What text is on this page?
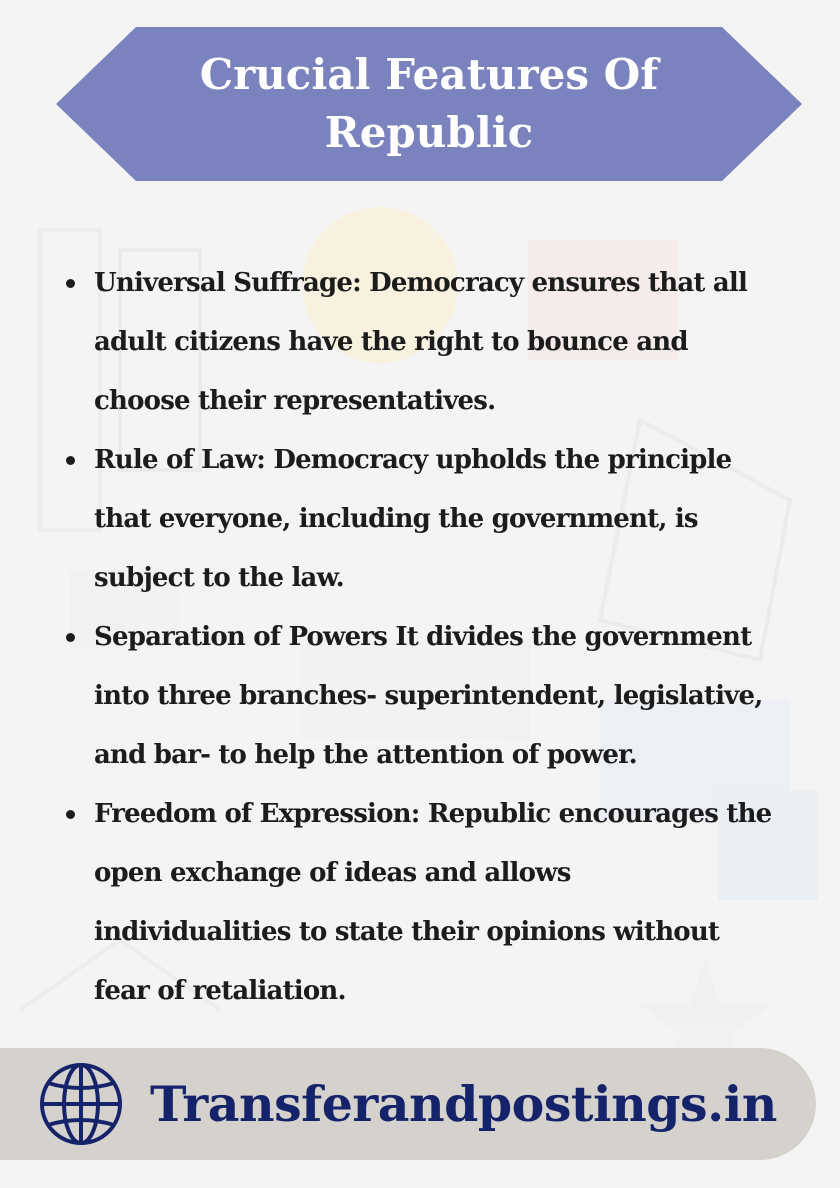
Crucial Features Of
Republic
Universal Suffrage: Democracy ensures that all
adult citizens have the right to bounce and
choose their representatives.
Rule of Law: Democracy upholds the principle
that everyone, including the government, is
subject to the law.
Separation of Powers It divides the government
into three branches- superintendent, legislative,
and bar- to help the attention of power.
Freedom of Expression: Republic encourages the
open exchange of ideas and allows
individualities to state their opinions without
fear of retaliation.
Transferandpostings.in
